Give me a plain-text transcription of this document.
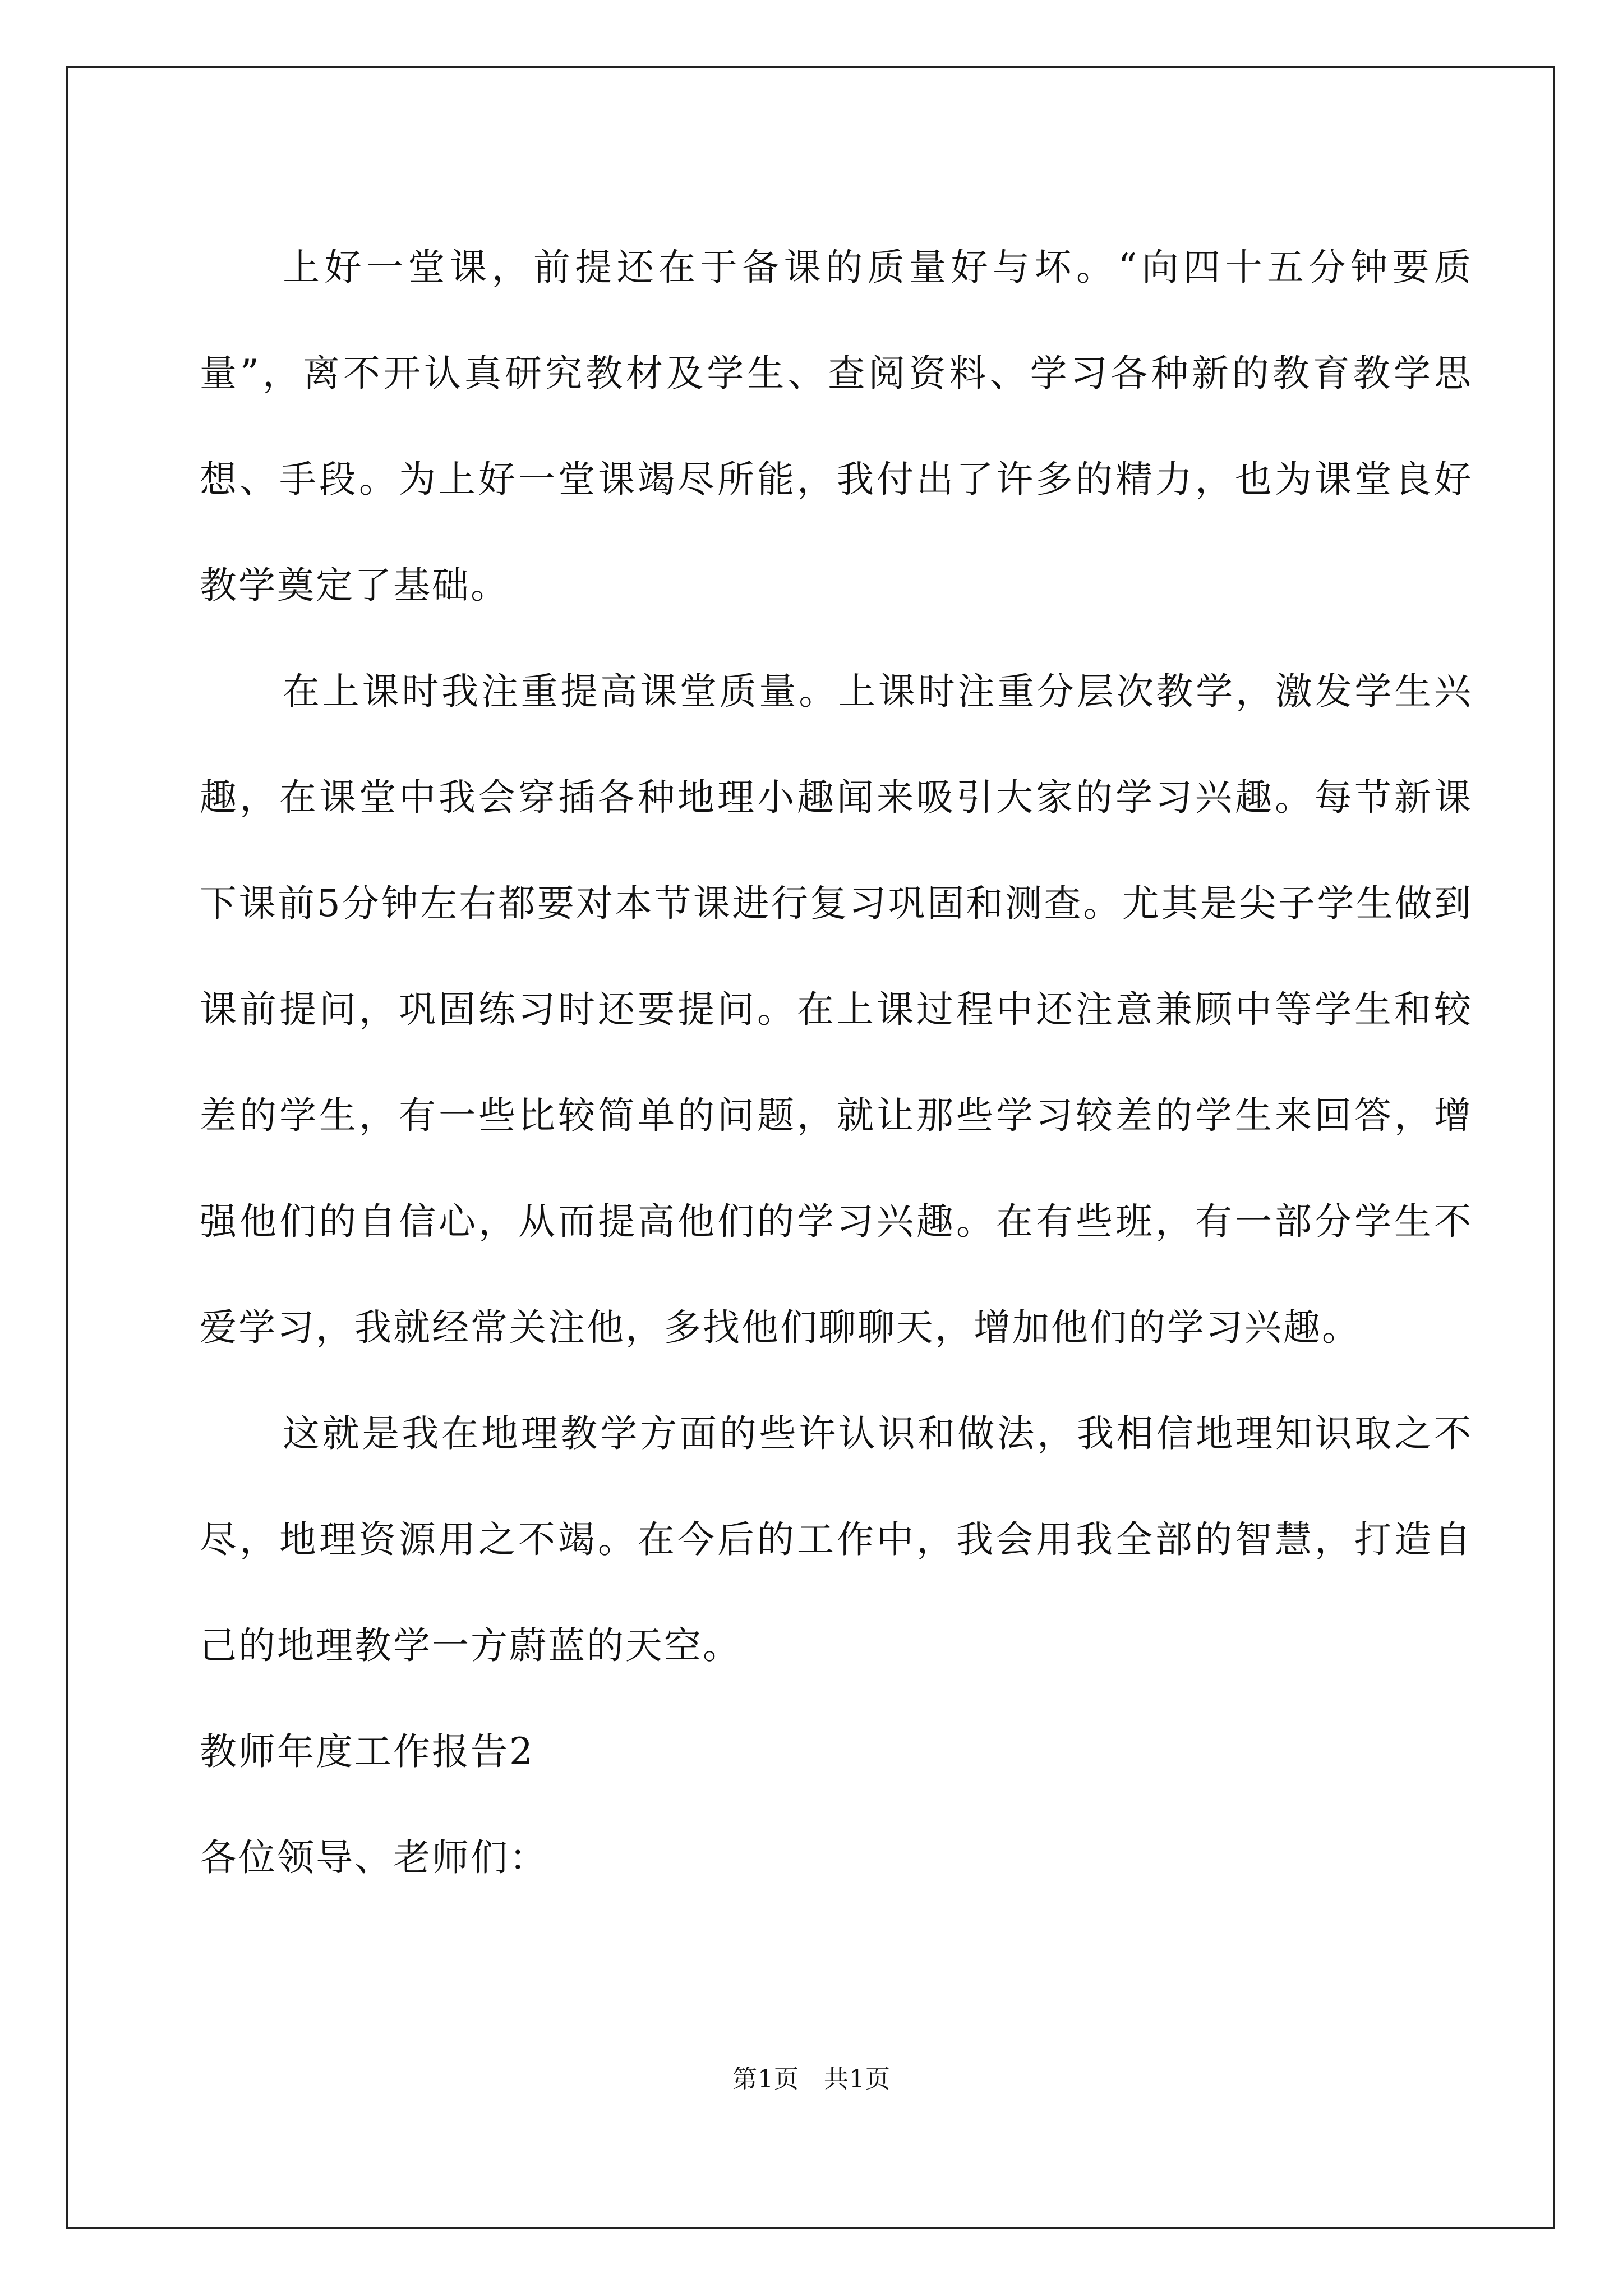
上好一堂课，前提还在于备课的质量好与坏。“向四十五分钟要质量”，离不开认真研究教材及学生、查阅资料、学习各种新的教育教学思想、手段。为上好一堂课竭尽所能，我付出了许多的精力，也为课堂良好教学奠定了基础。

在上课时我注重提高课堂质量。上课时注重分层次教学，激发学生兴趣，在课堂中我会穿插各种地理小趣闻来吸引大家的学习兴趣。每节新课下课前5分钟左右都要对本节课进行复习巩固和测查。尤其是尖子学生做到课前提问，巩固练习时还要提问。在上课过程中还注意兼顾中等学生和较差的学生，有一些比较简单的问题，就让那些学习较差的学生来回答，增强他们的自信心，从而提高他们的学习兴趣。在有些班，有一部分学生不爱学习，我就经常关注他，多找他们聊聊天，增加他们的学习兴趣。

这就是我在地理教学方面的些许认识和做法，我相信地理知识取之不尽，地理资源用之不竭。在今后的工作中，我会用我全部的智慧，打造自己的地理教学一方蔚蓝的天空。

教师年度工作报告2

各位领导、老师们：

第1页 共1页
